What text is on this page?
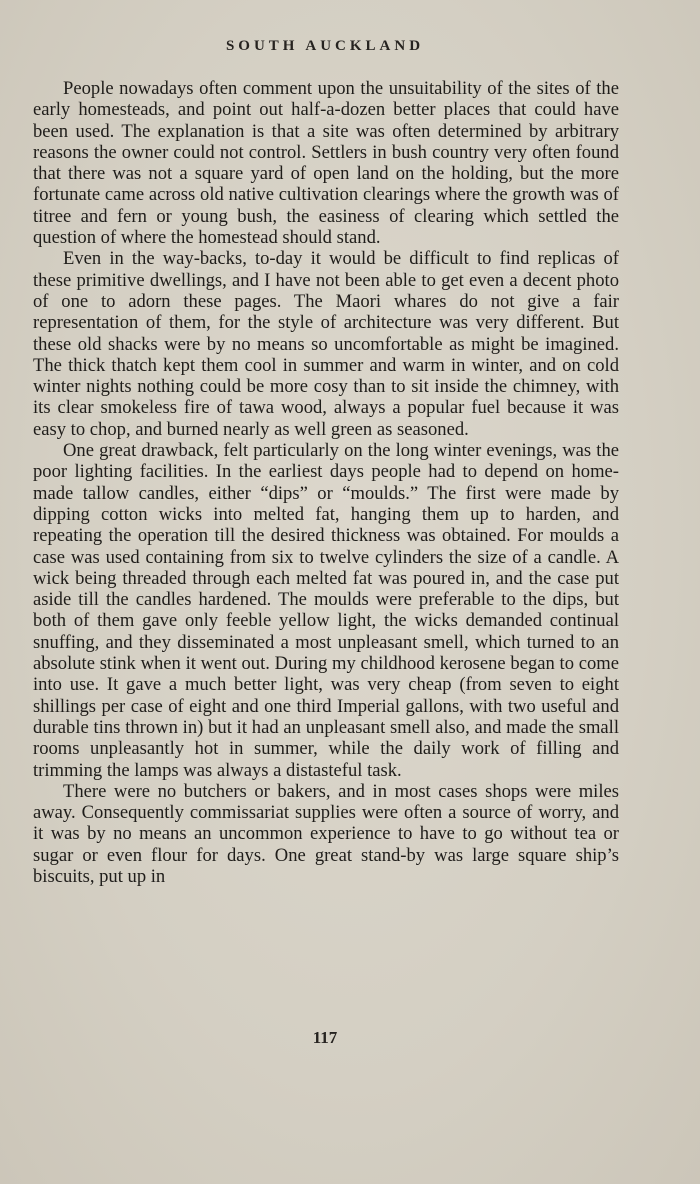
SOUTH AUCKLAND

People nowadays often comment upon the unsuitability of the sites of the early homesteads, and point out half-a-dozen better places that could have been used. The explanation is that a site was often determined by arbitrary reasons the owner could not control. Settlers in bush country very often found that there was not a square yard of open land on the holding, but the more fortunate came across old native cultivation clearings where the growth was of titree and fern or young bush, the easiness of clearing which settled the question of where the homestead should stand.

Even in the way-backs, to-day it would be difficult to find replicas of these primitive dwellings, and I have not been able to get even a decent photo of one to adorn these pages. The Maori whares do not give a fair representation of them, for the style of architecture was very different. But these old shacks were by no means so uncomfortable as might be imagined. The thick thatch kept them cool in summer and warm in winter, and on cold winter nights nothing could be more cosy than to sit inside the chimney, with its clear smokeless fire of tawa wood, always a popular fuel because it was easy to chop, and burned nearly as well green as seasoned.

One great drawback, felt particularly on the long winter evenings, was the poor lighting facilities. In the earliest days people had to depend on home-made tallow candles, either “dips” or “moulds.” The first were made by dipping cotton wicks into melted fat, hanging them up to harden, and repeating the operation till the desired thickness was obtained. For moulds a case was used containing from six to twelve cylinders the size of a candle. A wick being threaded through each melted fat was poured in, and the case put aside till the candles hardened. The moulds were preferable to the dips, but both of them gave only feeble yellow light, the wicks demanded continual snuffing, and they disseminated a most unpleasant smell, which turned to an absolute stink when it went out. During my childhood kerosene began to come into use. It gave a much better light, was very cheap (from seven to eight shillings per case of eight and one third Imperial gallons, with two useful and durable tins thrown in) but it had an unpleasant smell also, and made the small rooms unpleasantly hot in summer, while the daily work of filling and trimming the lamps was always a distasteful task.

There were no butchers or bakers, and in most cases shops were miles away. Consequently commissariat supplies were often a source of worry, and it was by no means an uncommon experience to have to go without tea or sugar or even flour for days. One great stand-by was large square ship’s biscuits, put up in

117
